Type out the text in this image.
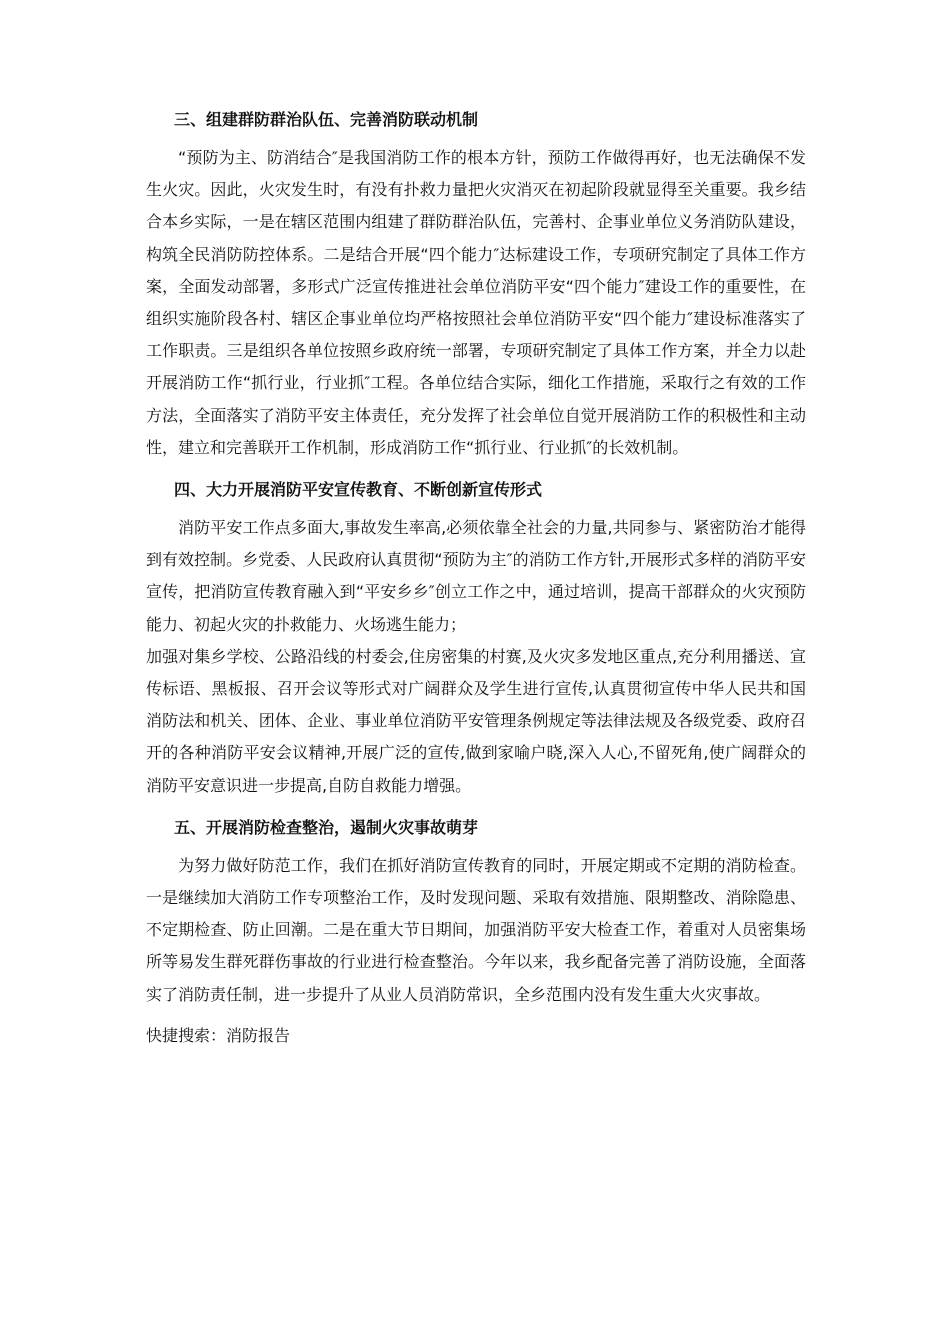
三、组建群防群治队伍、完善消防联动机制

“预防为主、防消结合″是我国消防工作的根本方针，预防工作做得再好，也无法确保不发生火灾。因此，火灾发生时，有没有扑救力量把火灾消灭在初起阶段就显得至关重要。我乡结合本乡实际，一是在辖区范围内组建了群防群治队伍，完善村、企事业单位义务消防队建设，构筑全民消防防控体系。二是结合开展“四个能力″达标建设工作，专项研究制定了具体工作方案，全面发动部署，多形式广泛宣传推进社会单位消防平安“四个能力″建设工作的重要性，在组织实施阶段各村、辖区企事业单位均严格按照社会单位消防平安“四个能力″建设标准落实了工作职责。三是组织各单位按照乡政府统一部署，专项研究制定了具体工作方案，并全力以赴开展消防工作“抓行业，行业抓″工程。各单位结合实际，细化工作措施，采取行之有效的工作方法，全面落实了消防平安主体责任，充分发挥了社会单位自觉开展消防工作的积极性和主动性，建立和完善联开工作机制，形成消防工作“抓行业、行业抓″的长效机制。

四、大力开展消防平安宣传教育、不断创新宣传形式

消防平安工作点多面大,事故发生率高,必须依靠全社会的力量,共同参与、紧密防治才能得到有效控制。乡党委、人民政府认真贯彻“预防为主″的消防工作方针,开展形式多样的消防平安宣传，把消防宣传教育融入到“平安乡乡″创立工作之中，通过培训，提高干部群众的火灾预防能力、初起火灾的扑救能力、火场逃生能力；

加强对集乡学校、公路沿线的村委会,住房密集的村赛,及火灾多发地区重点,充分利用播送、宣传标语、黑板报、召开会议等形式对广阔群众及学生进行宣传,认真贯彻宣传中华人民共和国消防法和机关、团体、企业、事业单位消防平安管理条例规定等法律法规及各级党委、政府召开的各种消防平安会议精神,开展广泛的宣传,做到家喻户晓,深入人心,不留死角,使广阔群众的消防平安意识进一步提高,自防自救能力增强。

五、开展消防检查整治，遏制火灾事故萌芽

为努力做好防范工作，我们在抓好消防宣传教育的同时，开展定期或不定期的消防检查。一是继续加大消防工作专项整治工作，及时发现问题、采取有效措施、限期整改、消除隐患、不定期检查、防止回潮。二是在重大节日期间，加强消防平安大检查工作，着重对人员密集场所等易发生群死群伤事故的行业进行检查整治。今年以来，我乡配备完善了消防设施，全面落实了消防责任制，进一步提升了从业人员消防常识，全乡范围内没有发生重大火灾事故。

快捷搜索：消防报告
